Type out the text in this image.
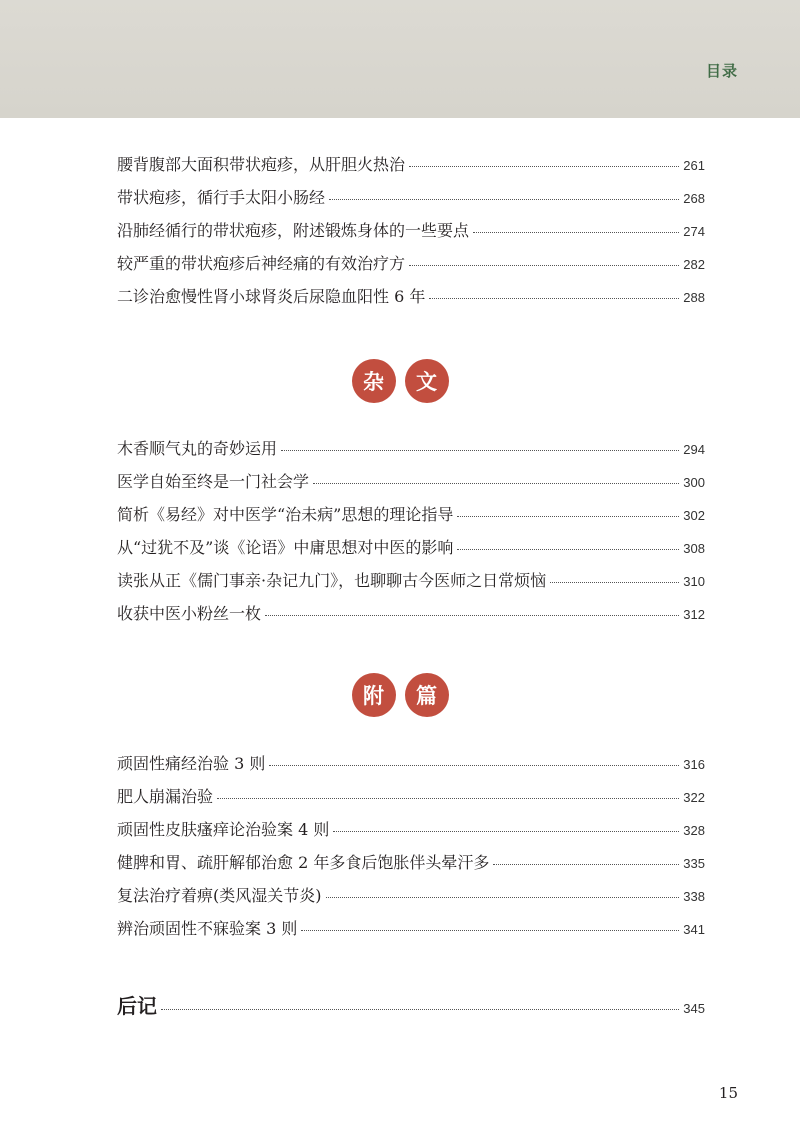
目录
腰背腹部大面积带状疱疹，从肝胆火热治	261
带状疱疹，循行手太阳小肠经	268
沿肺经循行的带状疱疹，附述锻炼身体的一些要点	274
较严重的带状疱疹后神经痛的有效治疗方	282
二诊治愈慢性肾小球肾炎后尿隐血阳性 6 年	288
杂	文
木香顺气丸的奇妙运用	294
医学自始至终是一门社会学	300
简析《易经》对中医学“治未病”思想的理论指导	302
从“过犹不及”谈《论语》中庸思想对中医的影响	308
读张从正《儒门事亲·杂记九门》，也聊聊古今医师之日常烦恼	310
收获中医小粉丝一枚	312
附	篇
顽固性痛经治验 3 则	316
肥人崩漏治验	322
顽固性皮肤瘙痒论治验案 4 则	328
健脾和胃、疏肝解郁治愈 2 年多食后饱胀伴头晕汗多	335
复法治疗着痹(类风湿关节炎)	338
辨治顽固性不寐验案 3 则	341
后记	345
15
